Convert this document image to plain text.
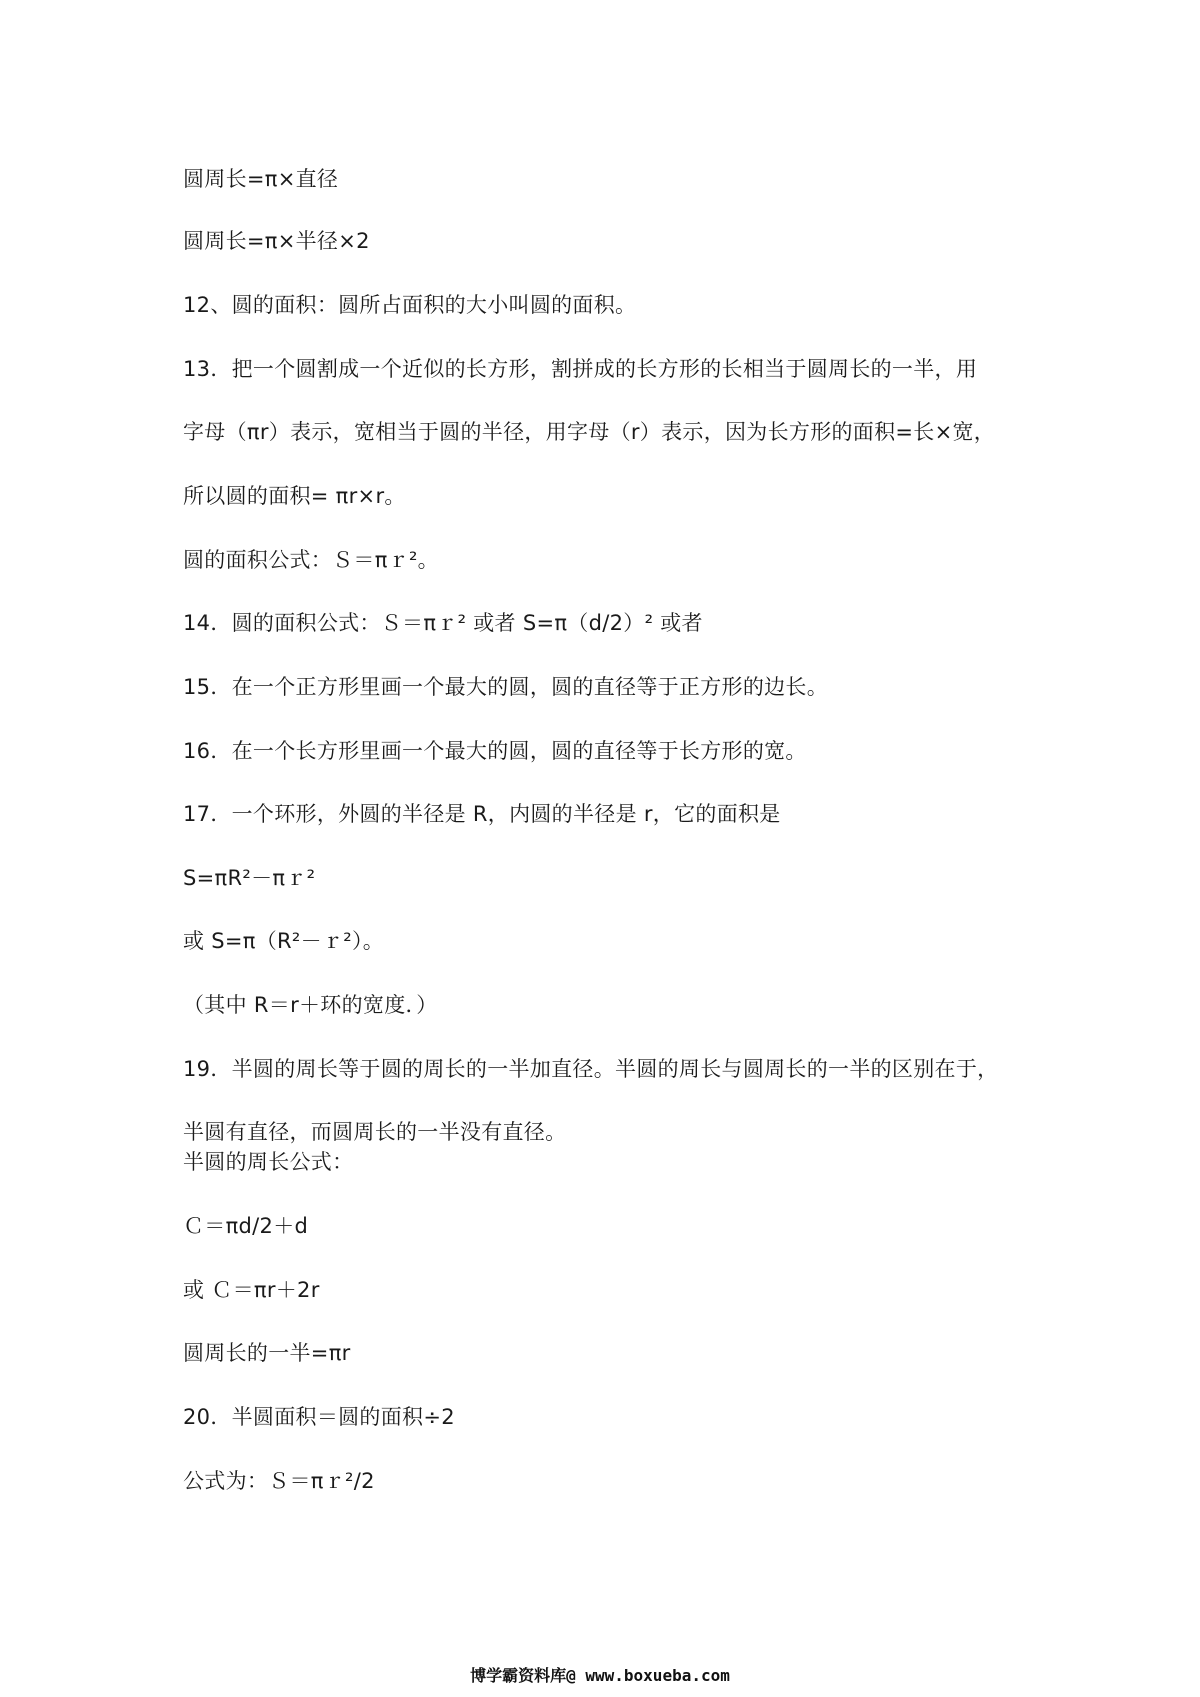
圆周长=π×直径
圆周长=π×半径×2
12、圆的面积：圆所占面积的大小叫圆的面积。
13．把一个圆割成一个近似的长方形，割拼成的长方形的长相当于圆周长的一半，用
字母（πr）表示，宽相当于圆的半径，用字母（r）表示，因为长方形的面积=长×宽，
所以圆的面积= πr×r。
圆的面积公式：Ｓ＝πｒ²。
14．圆的面积公式：Ｓ＝πｒ² 或者 S=π（d/2）² 或者
15．在一个正方形里画一个最大的圆，圆的直径等于正方形的边长。
16．在一个长方形里画一个最大的圆，圆的直径等于长方形的宽。
17．一个环形，外圆的半径是 R，内圆的半径是 r，它的面积是
S=πR²－πｒ²
或 S=π（R²－ｒ²）。
（其中 R＝r＋环的宽度．）
19．半圆的周长等于圆的周长的一半加直径。半圆的周长与圆周长的一半的区别在于，
半圆有直径，而圆周长的一半没有直径。
半圆的周长公式：
Ｃ＝πd/2＋d
或 Ｃ＝πr＋2r
圆周长的一半=πr
20．半圆面积＝圆的面积÷2
公式为：Ｓ＝πｒ²/2
博学霸资料库@ www.boxueba.com
